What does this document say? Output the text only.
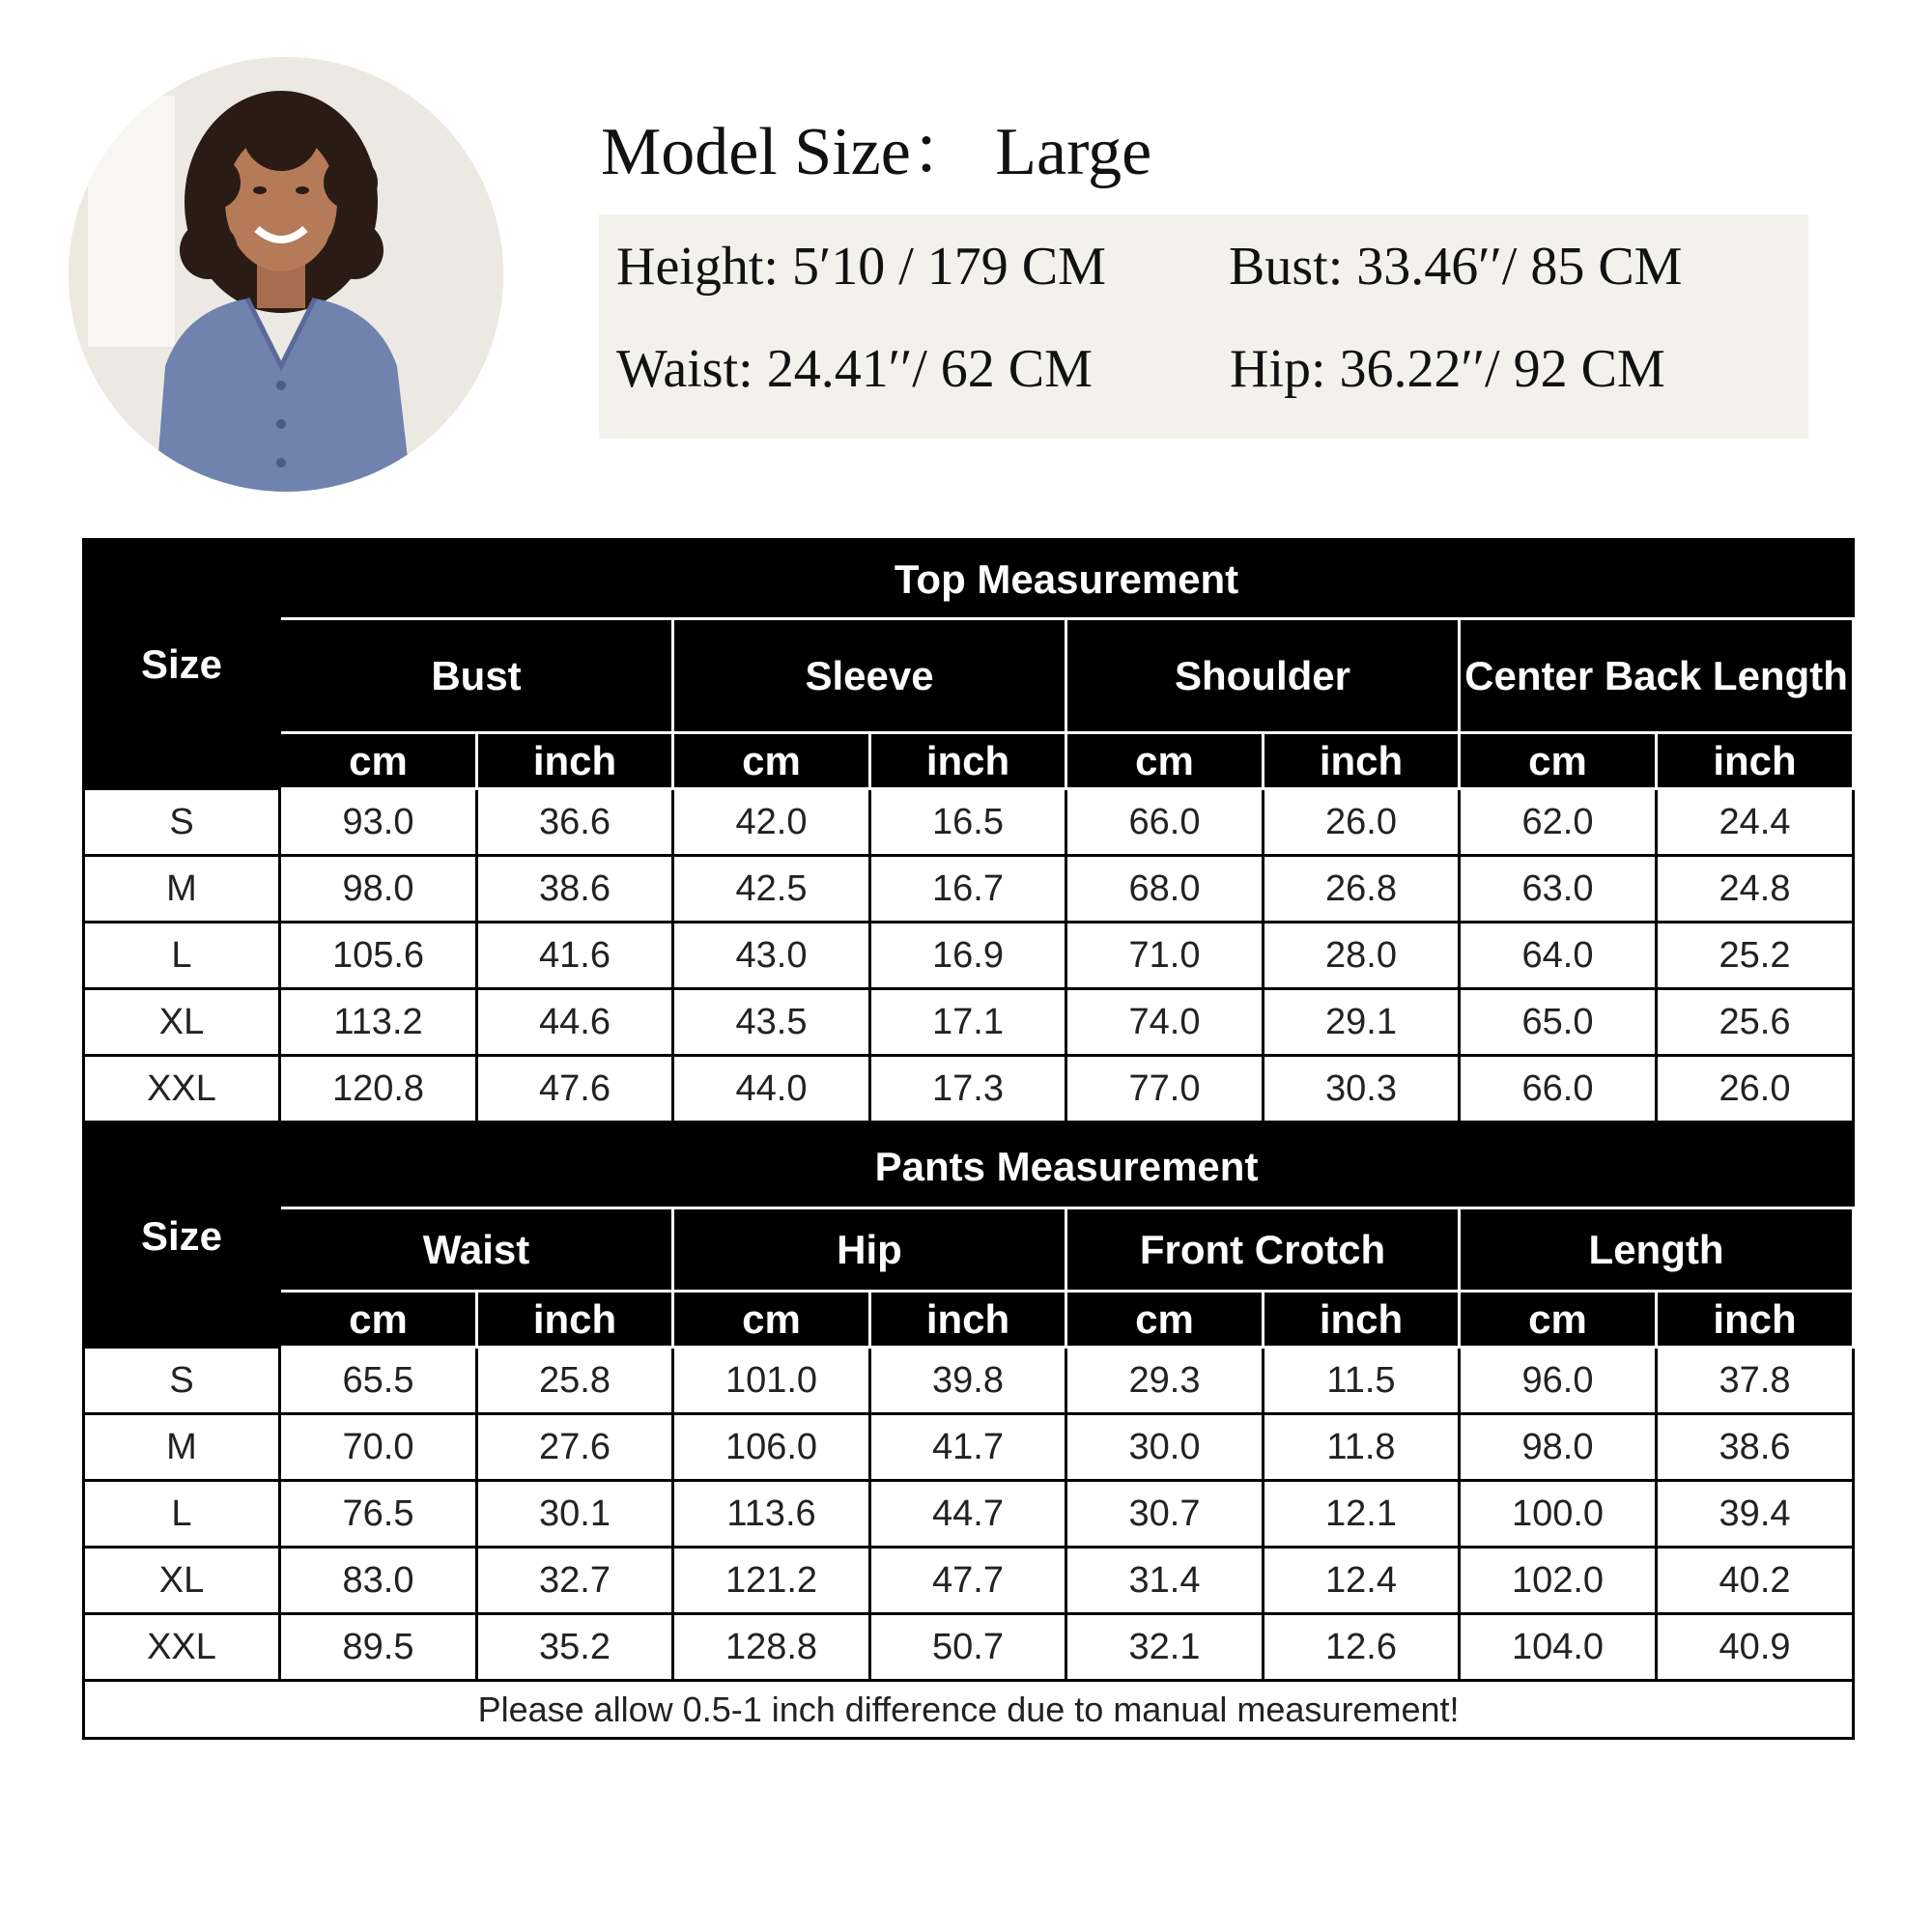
Model Size： Large
Height: 5′10 / 179 CM Bust: 33.46′′/ 85 CM
Waist: 24.41′′/ 62 CM	Hip: 36.22′′/ 92 CM
Size	Top Measurement							
	Bust		Sleeve		Shoulder		Center Back Length	
	cm	inch	cm	inch	cm	inch	cm	inch
S	93.0	36.6	42.0	16.5	66.0	26.0	62.0	24.4
M	98.0	38.6	42.5	16.7	68.0	26.8	63.0	24.8
L	105.6	41.6	43.0	16.9	71.0	28.0	64.0	25.2
XL	113.2	44.6	43.5	17.1	74.0	29.1	65.0	25.6
XXL	120.8	47.6	44.0	17.3	77.0	30.3	66.0	26.0
Size	Pants Measurement							
	Waist		Hip		Front Crotch		Length	
	cm	inch	cm	inch	cm	inch	cm	inch
S	65.5	25.8	101.0	39.8	29.3	11.5	96.0	37.8
M	70.0	27.6	106.0	41.7	30.0	11.8	98.0	38.6
L	76.5	30.1	113.6	44.7	30.7	12.1	100.0	39.4
XL	83.0	32.7	121.2	47.7	31.4	12.4	102.0	40.2
XXL	89.5	35.2	128.8	50.7	32.1	12.6	104.0	40.9
Please allow 0.5-1 inch difference due to manual measurement!								
